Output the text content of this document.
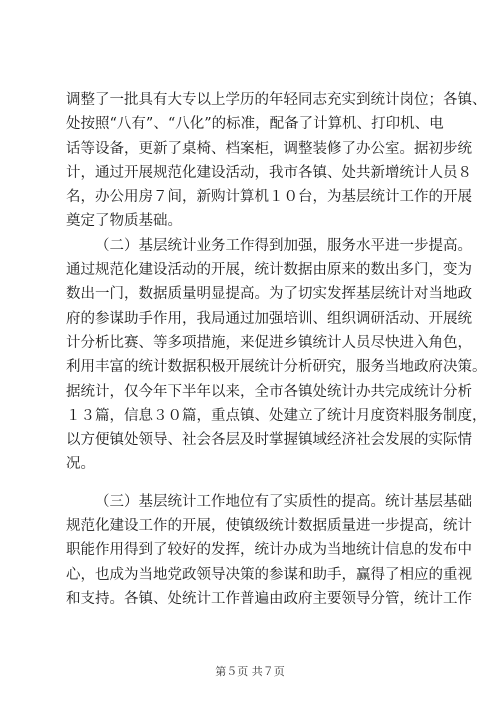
调整了一批具有大专以上学历的年轻同志充实到统计岗位；各镇、

处按照“八有”、“八化”的标准，配备了计算机、打印机、电

话等设备，更新了桌椅、档案柜，调整装修了办公室。据初步统

计，通过开展规范化建设活动，我市各镇、处共新增统计人员８

名，办公用房７间，新购计算机１０台，为基层统计工作的开展

奠定了物质基础。

（二）基层统计业务工作得到加强，服务水平进一步提高。

通过规范化建设活动的开展，统计数据由原来的数出多门，变为

数出一门，数据质量明显提高。为了切实发挥基层统计对当地政

府的参谋助手作用，我局通过加强培训、组织调研活动、开展统

计分析比赛、等多项措施，来促进乡镇统计人员尽快进入角色，

利用丰富的统计数据积极开展统计分析研究，服务当地政府决策。

据统计，仅今年下半年以来，全市各镇处统计办共完成统计分析

１３篇，信息３０篇，重点镇、处建立了统计月度资料服务制度，

以方便镇处领导、社会各层及时掌握镇域经济社会发展的实际情

况。

（三）基层统计工作地位有了实质性的提高。统计基层基础

规范化建设工作的开展，使镇级统计数据质量进一步提高，统计

职能作用得到了较好的发挥，统计办成为当地统计信息的发布中

心，也成为当地党政领导决策的参谋和助手，赢得了相应的重视

和支持。各镇、处统计工作普遍由政府主要领导分管，统计工作

第５页 共７页
